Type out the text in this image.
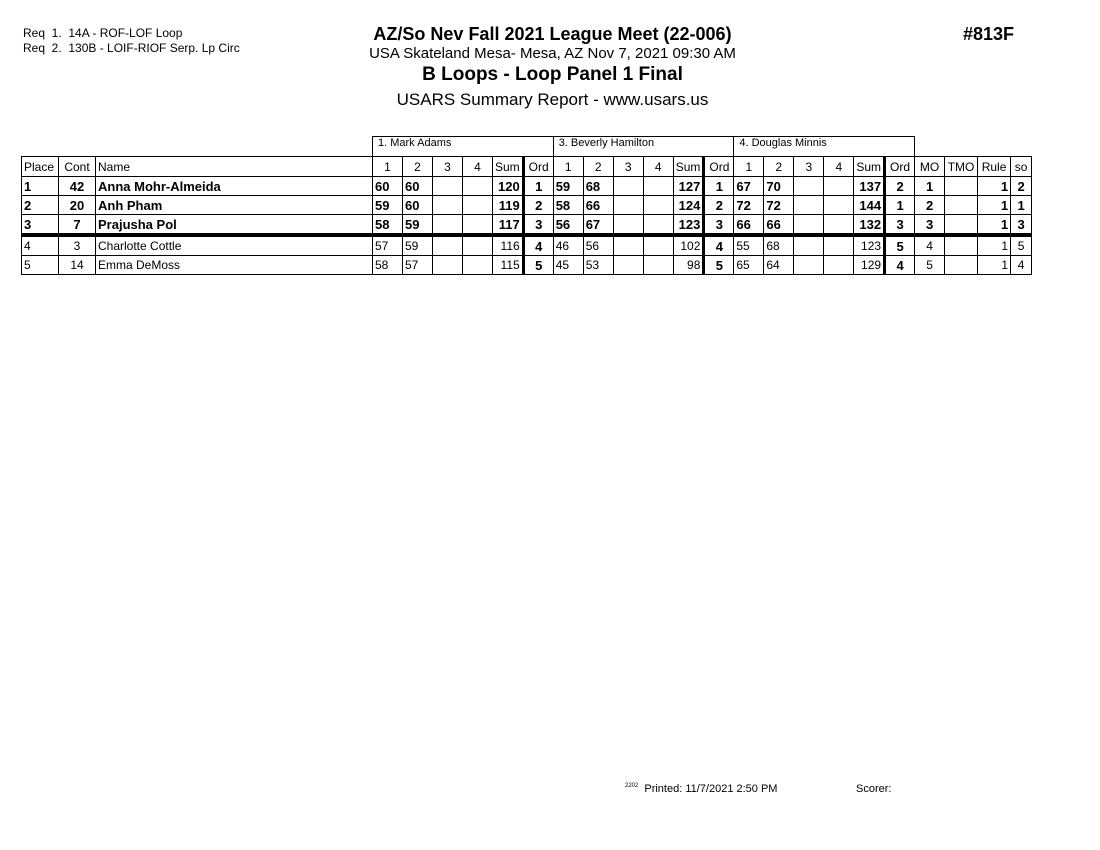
Req  1.  14A - ROF-LOF Loop
Req  2.  130B - LOIF-RIOF Serp. Lp Circ
AZ/So Nev Fall 2021 League Meet (22-006)
USA Skateland Mesa- Mesa, AZ Nov 7, 2021 09:30 AM
B Loops - Loop Panel 1 Final
USARS Summary Report - www.usars.us
#813F
			1. Mark Adams						3. Beverly Hamilton						4. Douglas Minnis									
Place	Cont	Name	1	2	3	4	Sum	Ord	1	2	3	4	Sum	Ord	1	2	3	4	Sum	Ord	MO	TMO	Rule	so
1	42	Anna Mohr-Almeida	60	60			120	1	59	68			127	1	67	70			137	2	1		1	2
2	20	Anh Pham	59	60			119	2	58	66			124	2	72	72			144	1	2		1	1
3	7	Prajusha Pol	58	59			117	3	56	67			123	3	66	66			132	3	3		1	3
4	3	Charlotte Cottle	57	59			116	4	46	56			102	4	55	68			123	5	4		1	5
5	14	Emma DeMoss	58	57			115	5	45	53			98	5	65	64			129	4	5		1	4
$^{2202}$ Printed: 11/7/2021 2:50 PM	Scorer:
